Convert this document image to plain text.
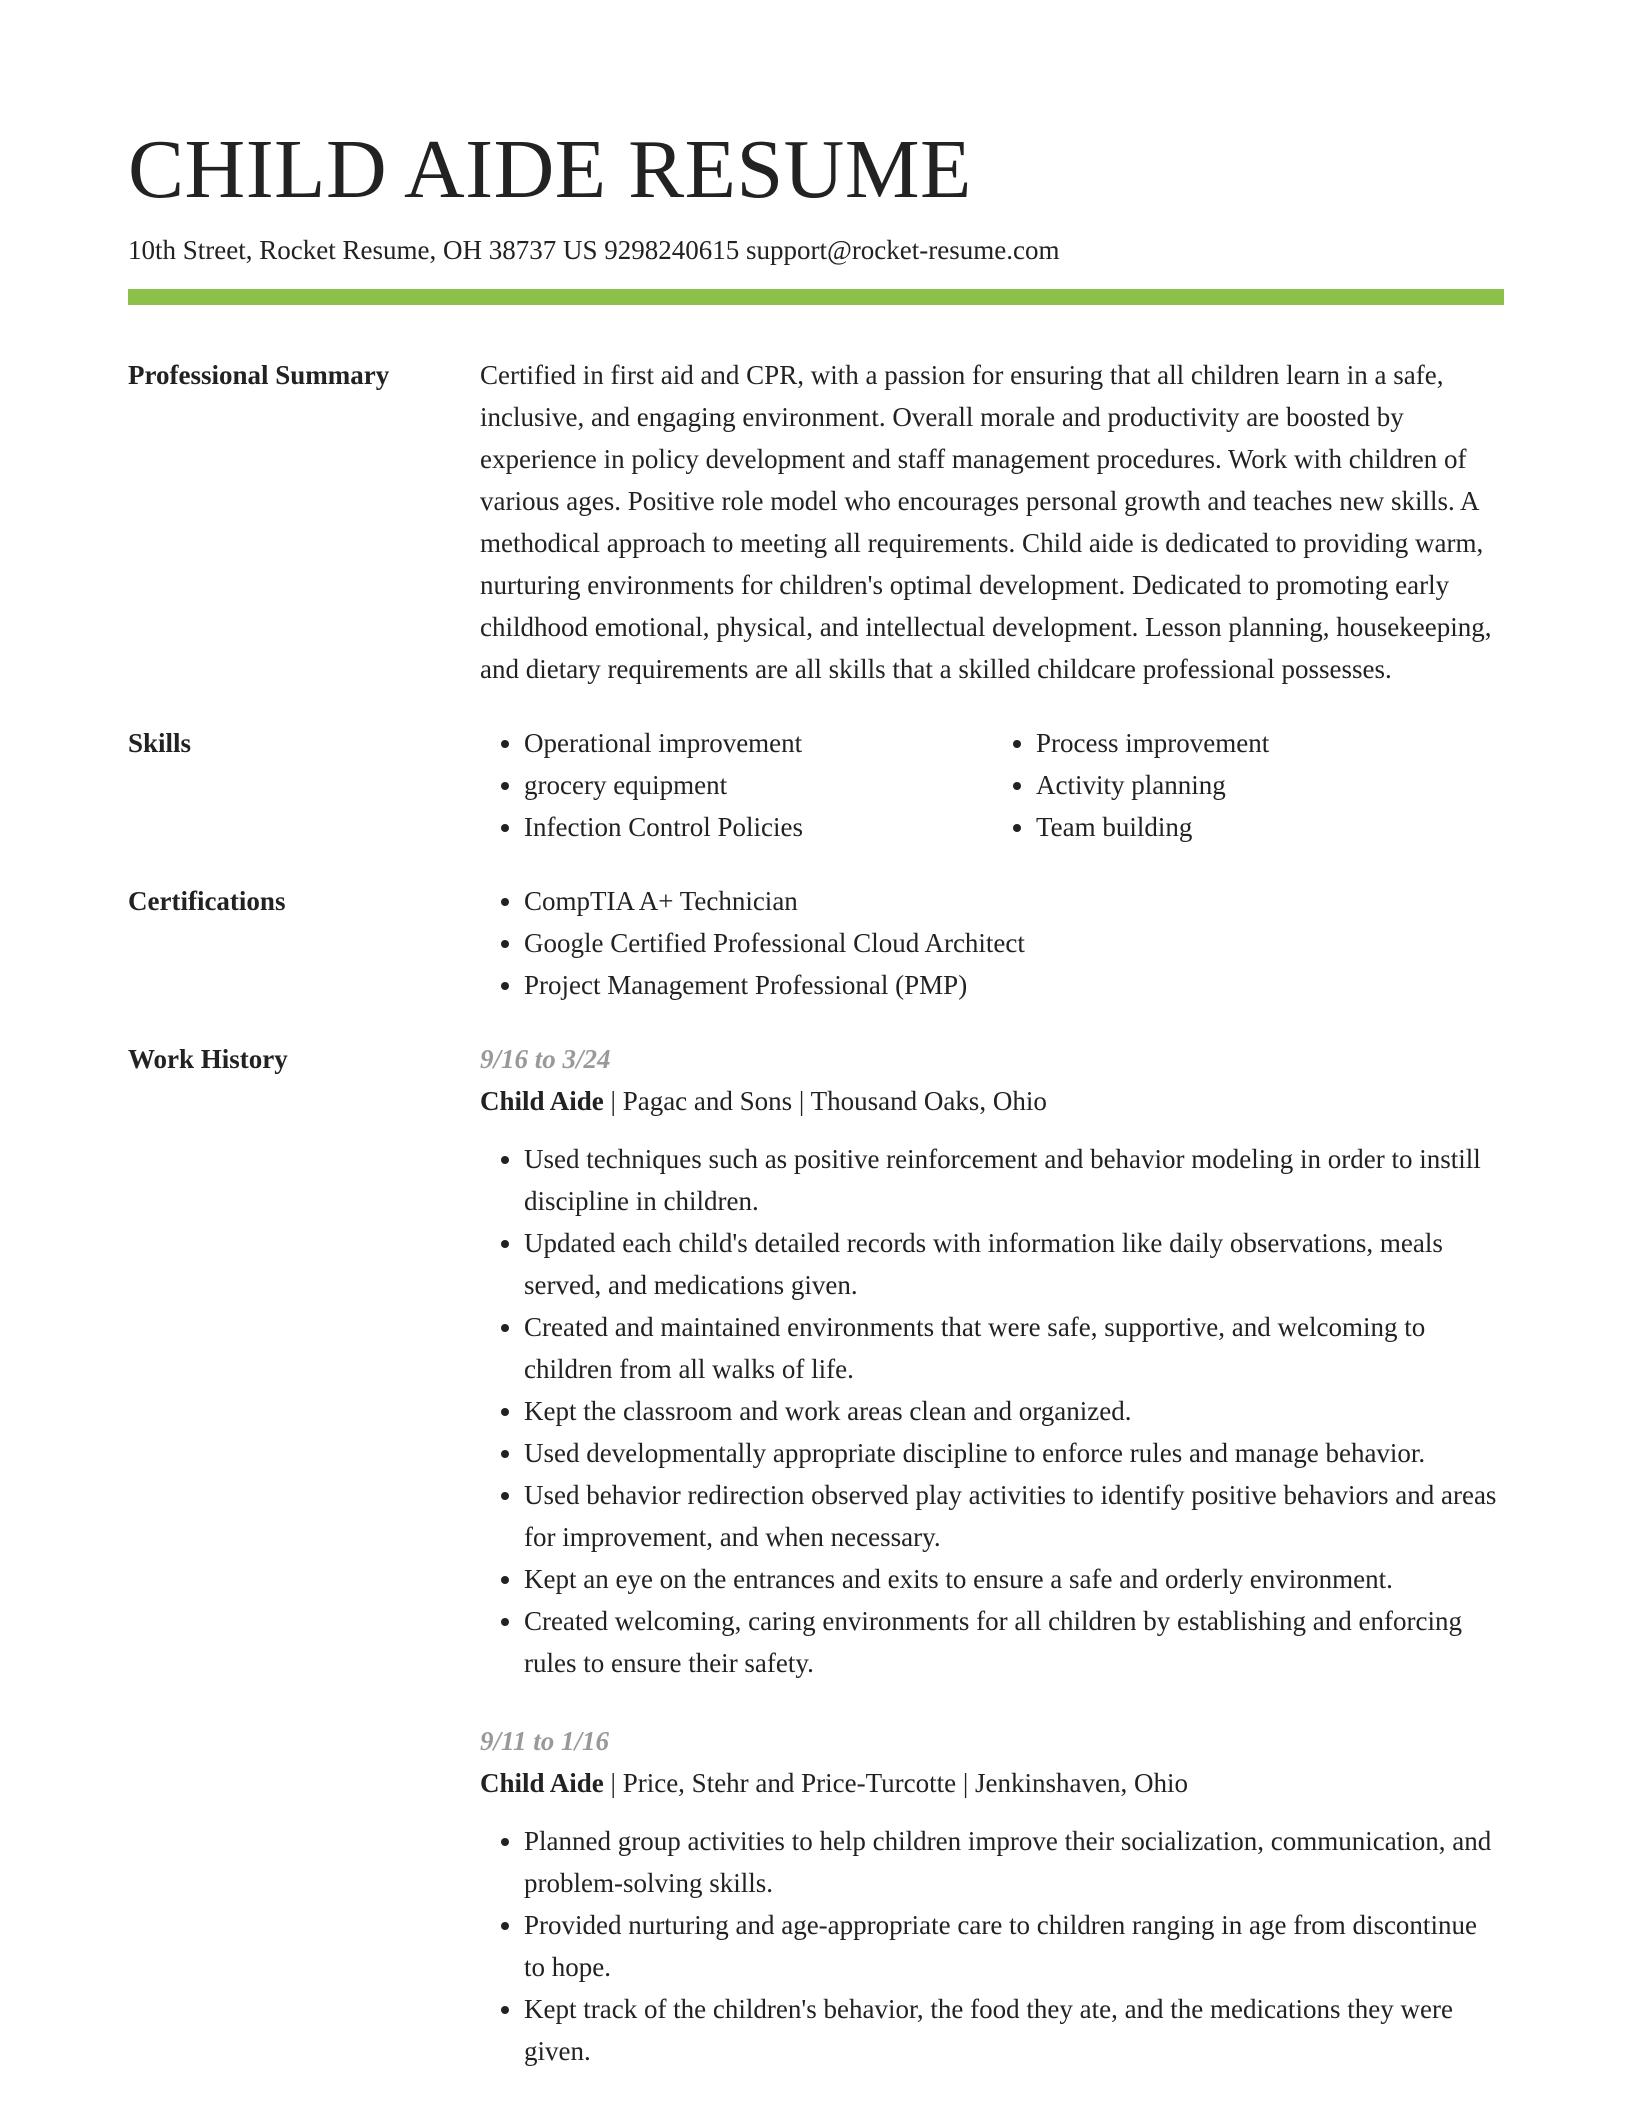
CHILD AIDE RESUME
10th Street, Rocket Resume, OH 38737 US 9298240615 support@rocket-resume.com
Professional Summary	Certified in first aid and CPR, with a passion for ensuring that all children learn in a safe, inclusive, and engaging environment. Overall morale and productivity are boosted by experience in policy development and staff management procedures. Work with children of various ages. Positive role model who encourages personal growth and teaches new skills. A methodical approach to meeting all requirements. Child aide is dedicated to providing warm, nurturing environments for children's optimal development. Dedicated to promoting early childhood emotional, physical, and intellectual development. Lesson planning, housekeeping, and dietary requirements are all skills that a skilled childcare professional possesses.

Skills	• Operational improvement
• grocery equipment
• Infection Control Policies
• Process improvement
• Activity planning
• Team building
Certifications	• CompTIA A+ Technician
• Google Certified Professional Cloud Architect
• Project Management Professional (PMP)
Work History	9/16 to 3/24
Child Aide | Pagac and Sons | Thousand Oaks, Ohio
• Used techniques such as positive reinforcement and behavior modeling in order to instill discipline in children.
• Updated each child's detailed records with information like daily observations, meals served, and medications given.
• Created and maintained environments that were safe, supportive, and welcoming to children from all walks of life.
• Kept the classroom and work areas clean and organized.
• Used developmentally appropriate discipline to enforce rules and manage behavior.
• Used behavior redirection observed play activities to identify positive behaviors and areas for improvement, and when necessary.
• Kept an eye on the entrances and exits to ensure a safe and orderly environment.
• Created welcoming, caring environments for all children by establishing and enforcing rules to ensure their safety.
9/11 to 1/16
Child Aide | Price, Stehr and Price-Turcotte | Jenkinshaven, Ohio
• Planned group activities to help children improve their socialization, communication, and problem-solving skills.
• Provided nurturing and age-appropriate care to children ranging in age from discontinue to hope.
• Kept track of the children's behavior, the food they ate, and the medications they were given.
